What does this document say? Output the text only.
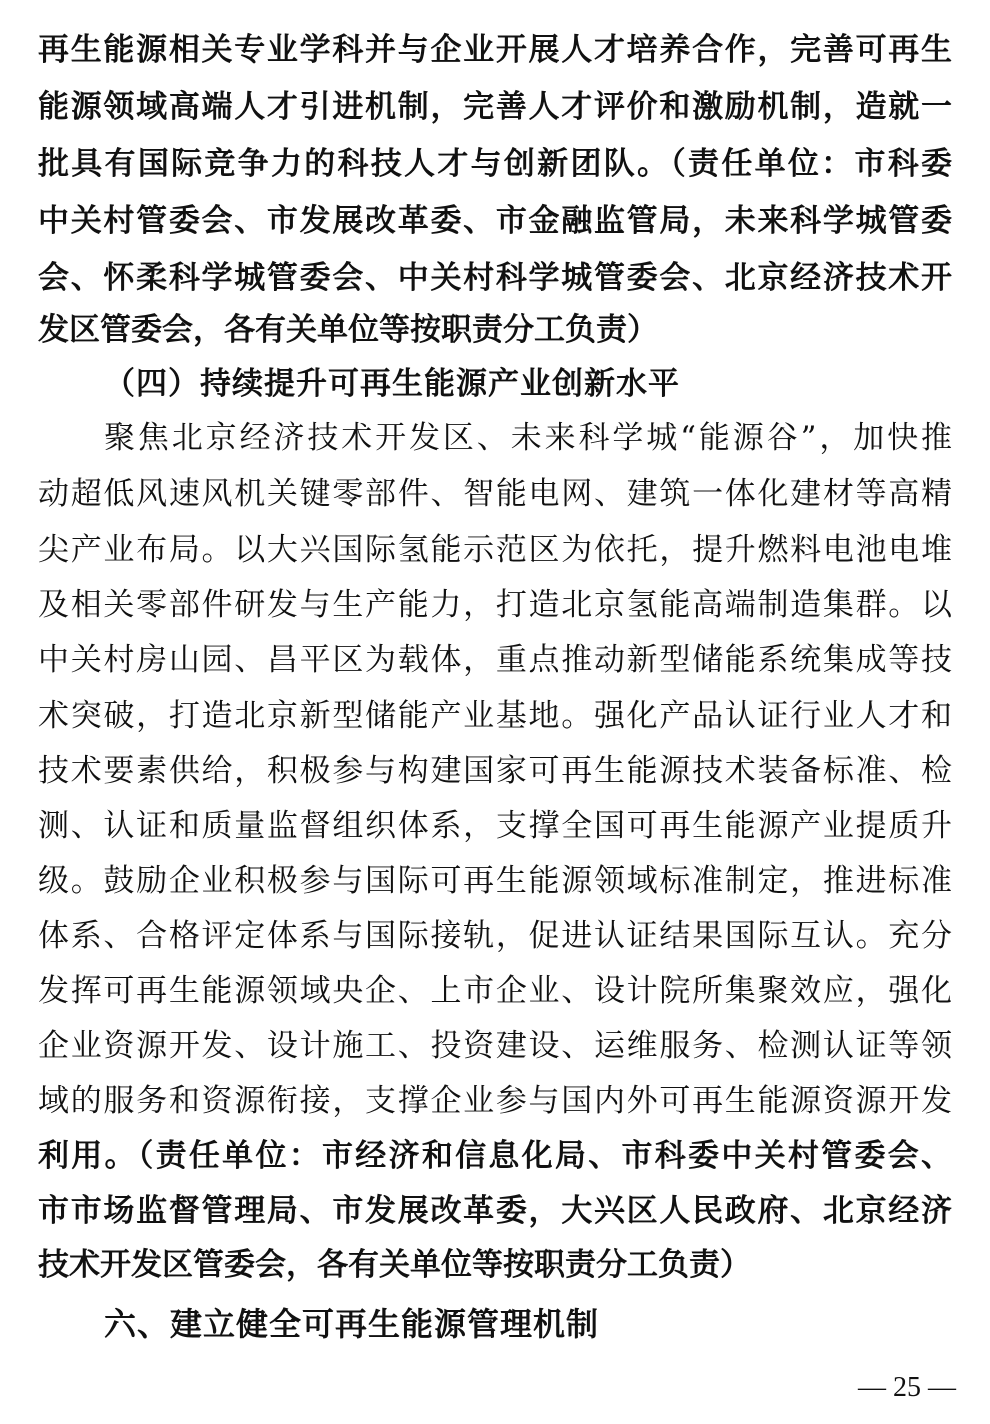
再生能源相关专业学科并与企业开展人才培养合作，完善可再生
能源领域高端人才引进机制，完善人才评价和激励机制，造就一
批具有国际竞争力的科技人才与创新团队。（责任单位：市科委
中关村管委会、市发展改革委、市金融监管局，未来科学城管委
会、怀柔科学城管委会、中关村科学城管委会、北京经济技术开
发区管委会，各有关单位等按职责分工负责）
（四）持续提升可再生能源产业创新水平
聚焦北京经济技术开发区、未来科学城“能源谷”，加快推
动超低风速风机关键零部件、智能电网、建筑一体化建材等高精
尖产业布局。以大兴国际氢能示范区为依托，提升燃料电池电堆
及相关零部件研发与生产能力，打造北京氢能高端制造集群。以
中关村房山园、昌平区为载体，重点推动新型储能系统集成等技
术突破，打造北京新型储能产业基地。强化产品认证行业人才和
技术要素供给，积极参与构建国家可再生能源技术装备标准、检
测、认证和质量监督组织体系，支撑全国可再生能源产业提质升
级。鼓励企业积极参与国际可再生能源领域标准制定，推进标准
体系、合格评定体系与国际接轨，促进认证结果国际互认。充分
发挥可再生能源领域央企、上市企业、设计院所集聚效应，强化
企业资源开发、设计施工、投资建设、运维服务、检测认证等领
域的服务和资源衔接，支撑企业参与国内外可再生能源资源开发
利用。（责任单位：市经济和信息化局、市科委中关村管委会、
市市场监督管理局、市发展改革委，大兴区人民政府、北京经济
技术开发区管委会，各有关单位等按职责分工负责）
六、建立健全可再生能源管理机制
— 25 —
